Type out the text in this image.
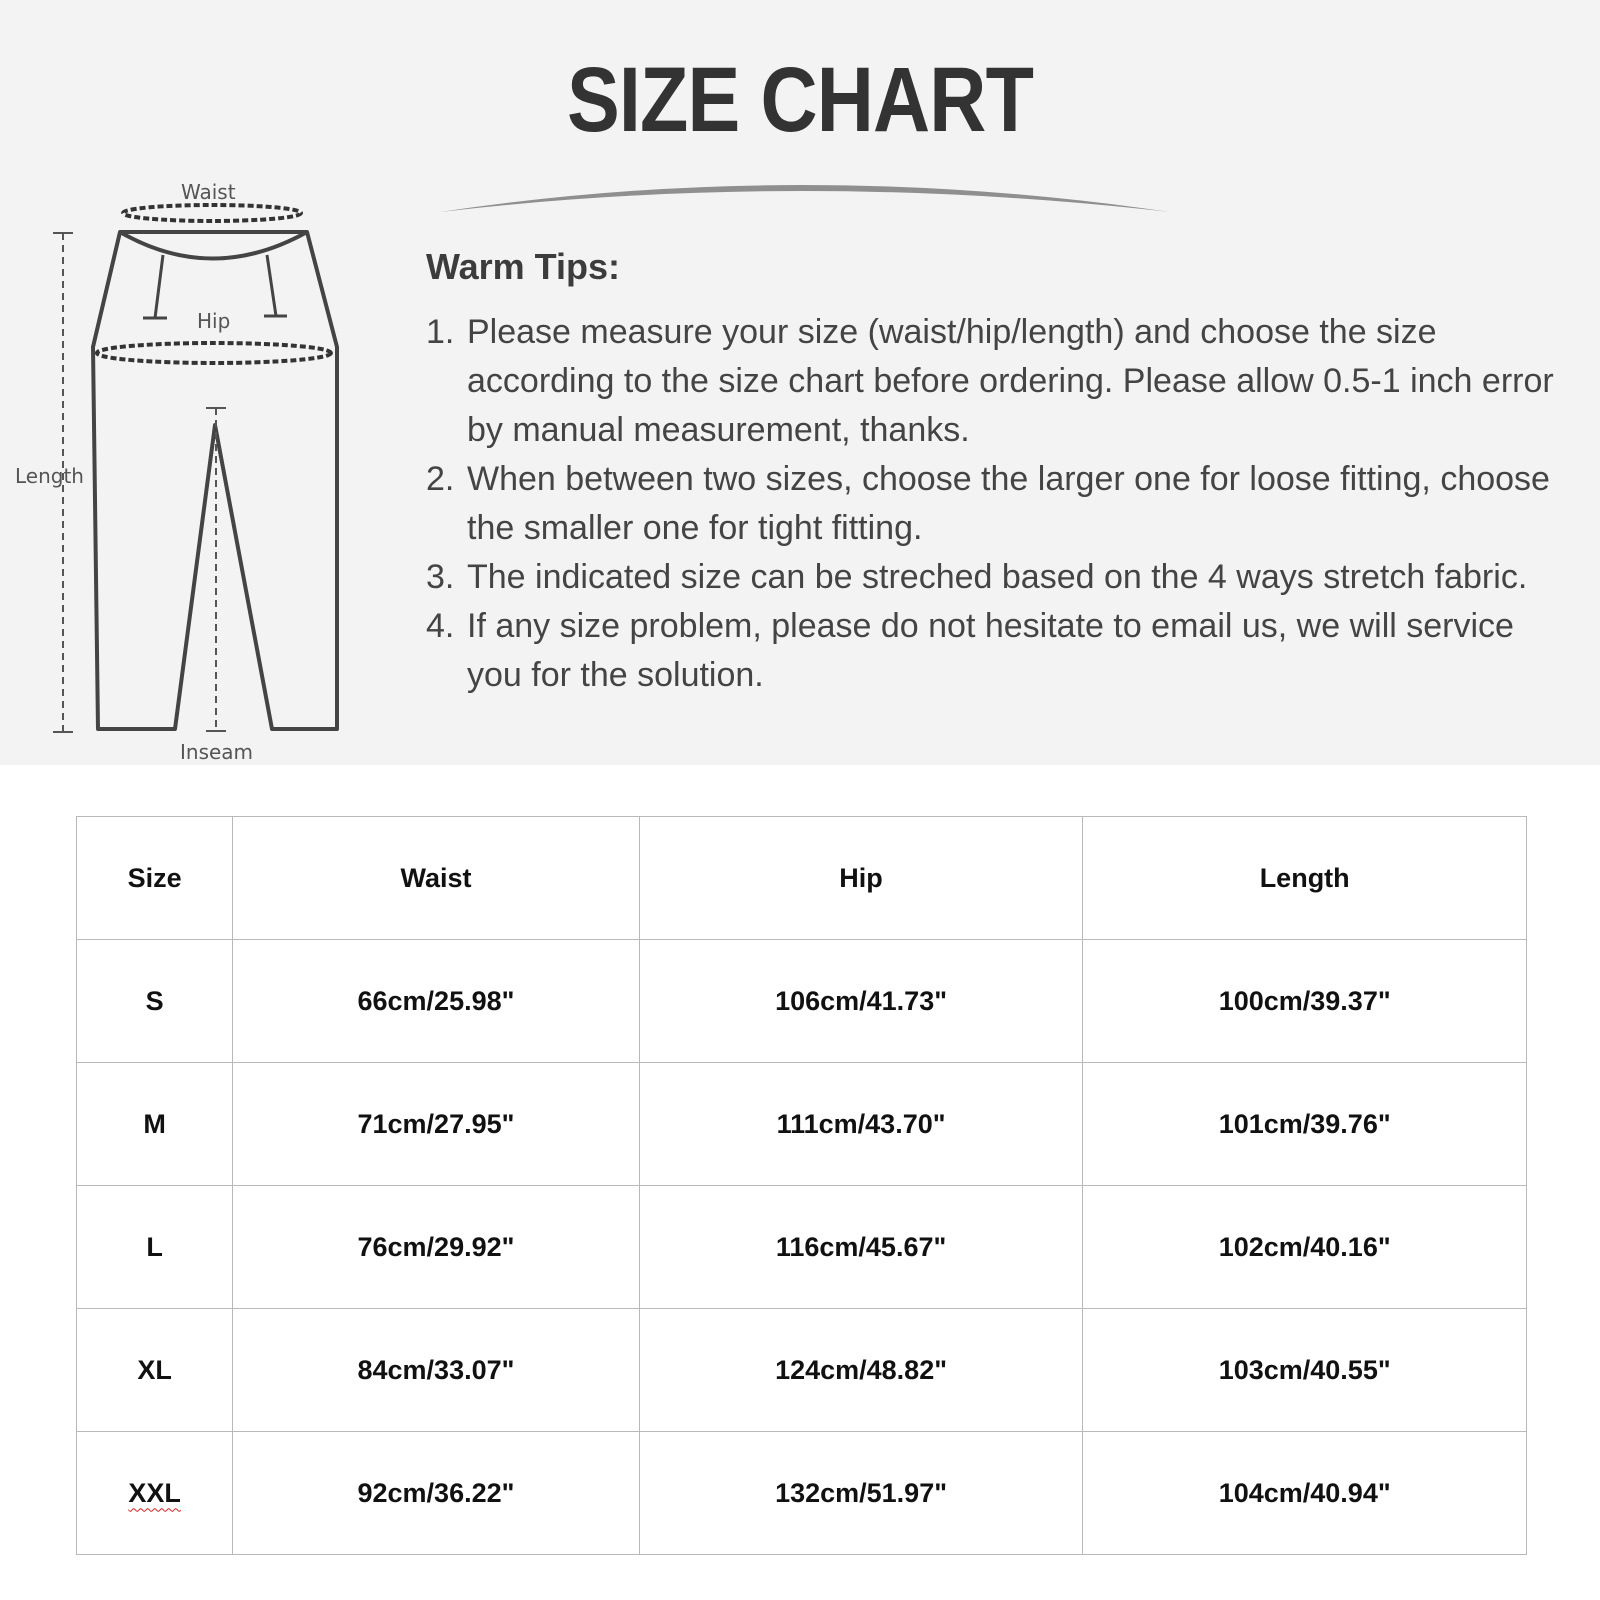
SIZE CHART
Waist
Hip
Length
Inseam
Warm Tips:
1. Please measure your size (waist/hip/length) and choose the size according to the size chart before ordering. Please allow 0.5-1 inch error by manual measurement, thanks.
2. When between two sizes, choose the larger one for loose fitting, choose the smaller one for tight fitting.
3. The indicated size can be streched based on the 4 ways stretch fabric.
4. If any size problem, please do not hesitate to email us, we will service you for the solution.
Size	Waist	Hip	Length
S	66cm/25.98"	106cm/41.73"	100cm/39.37"
M	71cm/27.95"	111cm/43.70"	101cm/39.76"
L	76cm/29.92"	116cm/45.67"	102cm/40.16"
XL	84cm/33.07"	124cm/48.82"	103cm/40.55"
XXL	92cm/36.22"	132cm/51.97"	104cm/40.94"
